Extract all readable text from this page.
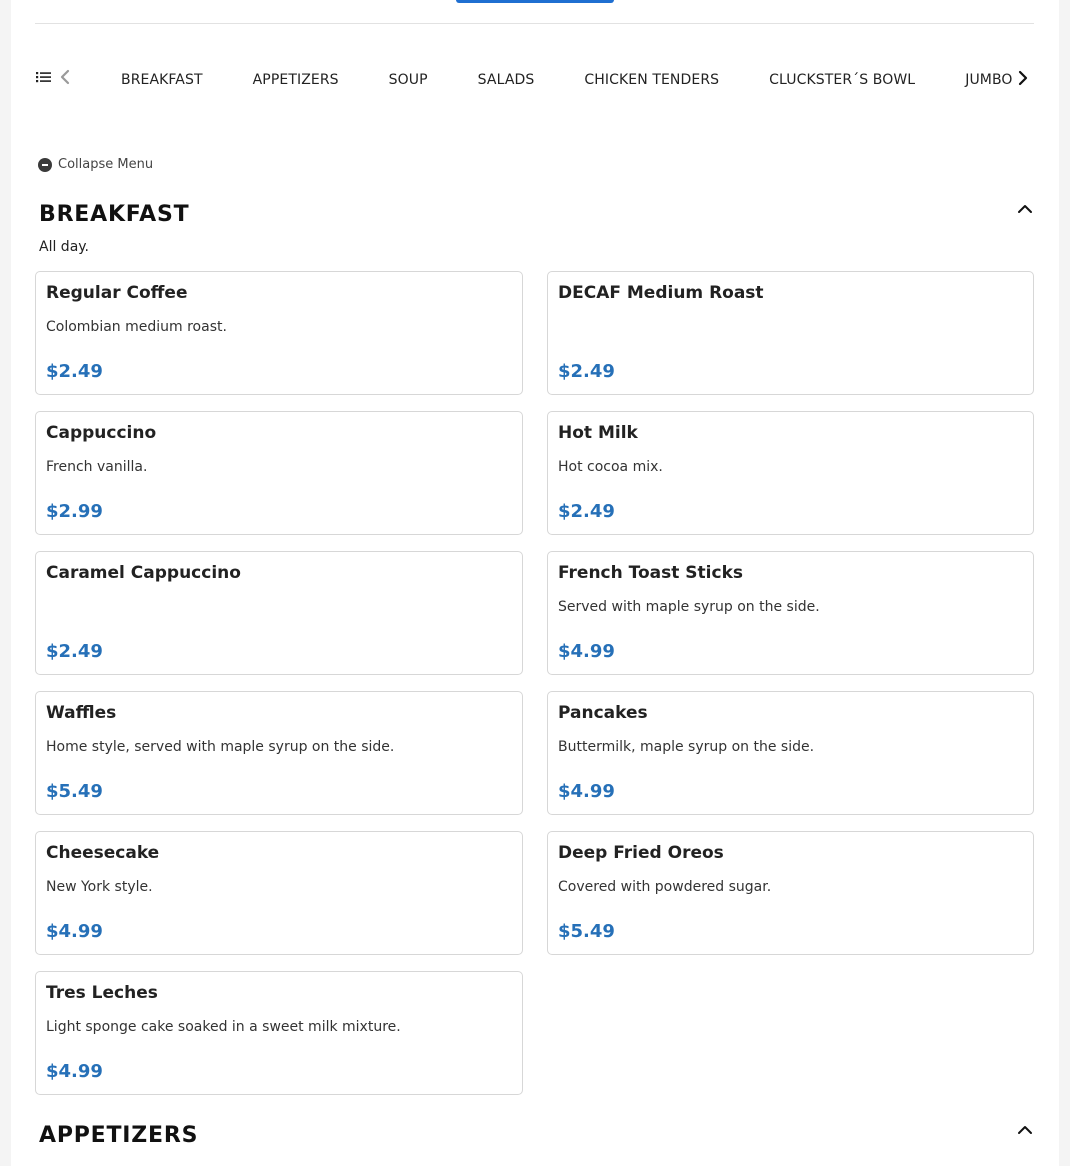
BREAKFAST	APPETIZERS	SOUP	SALADS	CHICKEN TENDERS	CLUCKSTER´S BOWL	JUMBO
Collapse Menu
BREAKFAST
All day.
Regular Coffee
Colombian medium roast.
$2.49
DECAF Medium Roast
$2.49
Cappuccino
French vanilla.
$2.99
Hot Milk
Hot cocoa mix.
$2.49
Caramel Cappuccino
$2.49
French Toast Sticks
Served with maple syrup on the side.
$4.99
Waffles
Home style, served with maple syrup on the side.
$5.49
Pancakes
Buttermilk, maple syrup on the side.
$4.99
Cheesecake
New York style.
$4.99
Deep Fried Oreos
Covered with powdered sugar.
$5.49
Tres Leches
Light sponge cake soaked in a sweet milk mixture.
$4.99
APPETIZERS
